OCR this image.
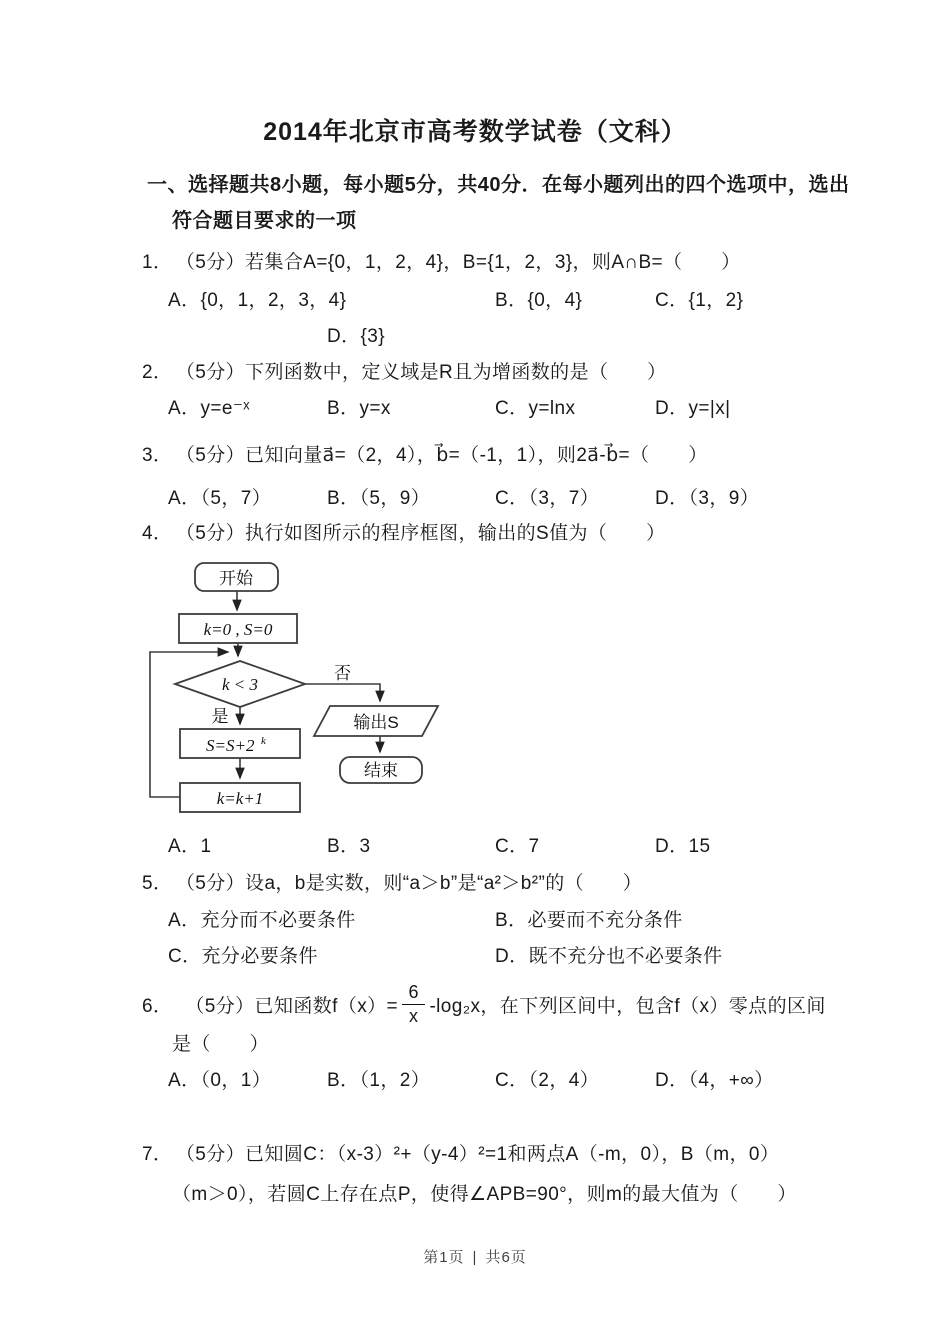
2014年北京市高考数学试卷（文科）
一、选择题共8小题，每小题5分，共40分．在每小题列出的四个选项中，选出
符合题目要求的一项
1． （5分）若集合A={0，1，2，4}，B={1，2，3}，则A∩B=（　　）
A．{0，1，2，3，4}	B．{0，4}	C．{1，2}
D．{3}
2． （5分）下列函数中，定义域是R且为增函数的是（　　）
A．y=e⁻ˣ	B．y=x	C．y=lnx	D．y=|x|
3． （5分）已知向量a⃗=（2，4），b⃗=（-1，1），则2a⃗-b⃗=（　　）
A．（5，7）	B．（5，9）	C．（3，7）	D．（3，9）
4． （5分）执行如图所示的程序框图，输出的S值为（　　）
开始
k=0 , S=0
k < 3
否
是
S=S+2 k
k=k+1
输出S
结束
A．1	B．3	C．7	D．15
5． （5分）设a，b是实数，则“a＞b”是“a²＞b²”的（　　）
A．充分而不必要条件	B．必要而不充分条件
C．充分必要条件	D．既不充分也不必要条件
6． （5分）已知函数$f(x)= \frac{6}{x} -\log_2x$，在下列区间中，包含f（x）零点的区间
是（　　）
A．（0，1）	B．（1，2）	C．（2，4）	D．（4，+∞）
7． （5分）已知圆C：（x-3）²+（y-4）²=1和两点A（-m，0），B（m，0）
（m＞0），若圆C上存在点P，使得∠APB=90°，则m的最大值为（　　）
第1页 | 共6页
